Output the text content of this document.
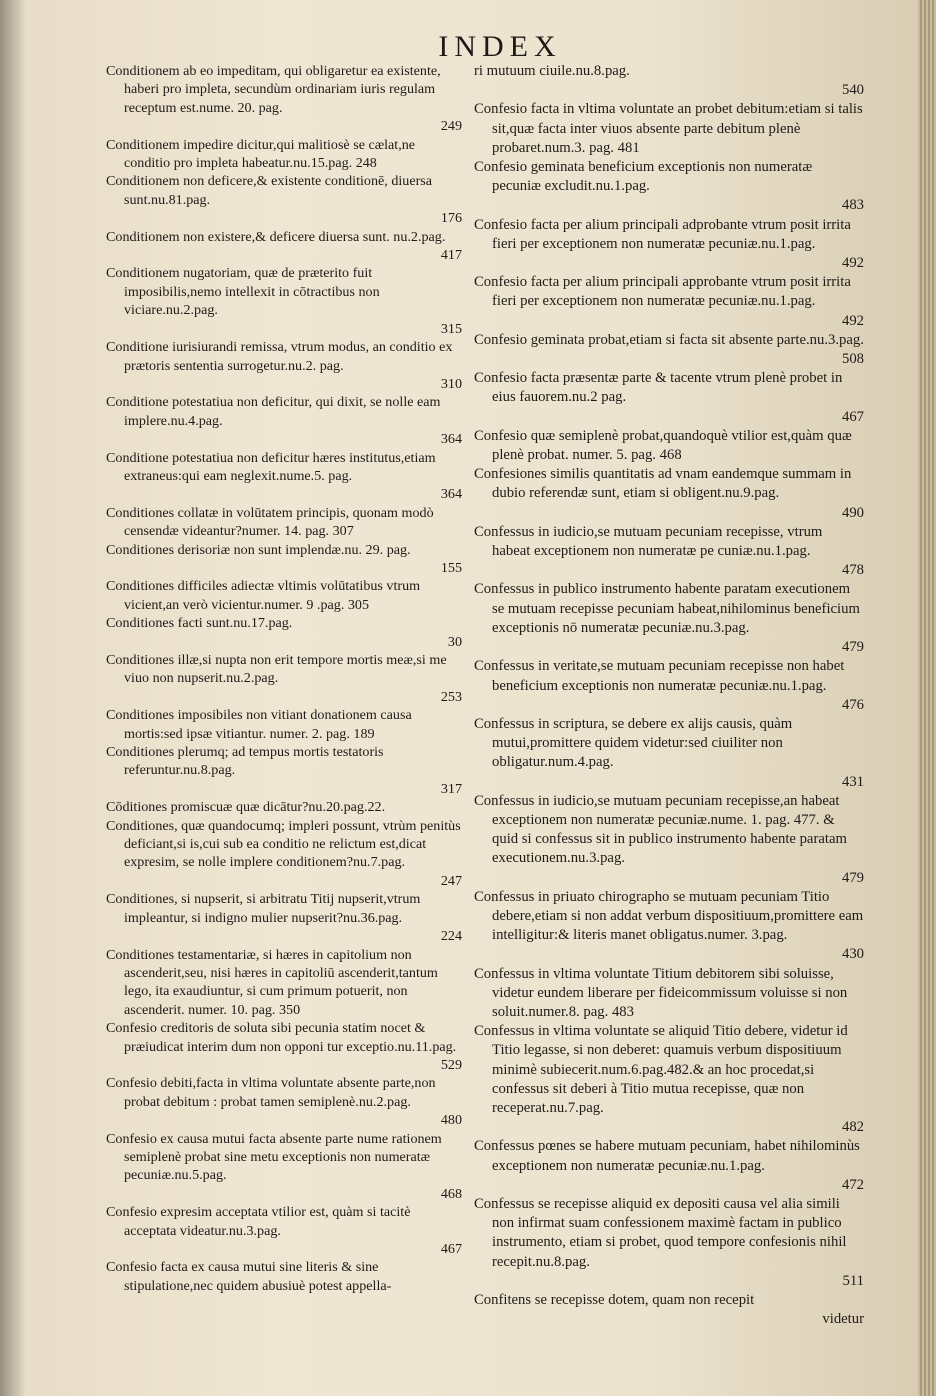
INDEX

Conditionem ab eo impeditam, qui obligaretur ea existente, haberi pro impleta, secundùm ordinariam iuris regulam receptum est.nume. 20. pag.
249

Conditionem impedire dicitur,qui malitiosè se cælat,ne conditio pro impleta habeatur.nu.15.pag. 248

Conditionem non deficere,& existente conditionē, diuersa sunt.nu.81.pag.
176

Conditionem non existere,& deficere diuersa sunt. nu.2.pag.
417

Conditionem nugatoriam, quæ de præterito fuit imposibilis,nemo intellexit in cōtractibus non viciare.nu.2.pag.
315

Conditione iurisiurandi remissa, vtrum modus, an conditio ex prætoris sententia surrogetur.nu.2. pag.
310

Conditione potestatiua non deficitur, qui dixit, se nolle eam implere.nu.4.pag.
364

Conditione potestatiua non deficitur hæres institutus,etiam extraneus:qui eam neglexit.nume.5. pag.
364

Conditiones collatæ in volūtatem principis, quonam modò censendæ videantur?numer. 14. pag. 307

Conditiones derisoriæ non sunt implendæ.nu. 29. pag.
155

Conditiones difficiles adiectæ vltimis volūtatibus vtrum vicient,an verò vicientur.numer. 9 .pag. 305

Conditiones facti sunt.nu.17.pag.
30

Conditiones illæ,si nupta non erit tempore mortis meæ,si me viuo non nupserit.nu.2.pag.
253

Conditiones imposibiles non vitiant donationem causa mortis:sed ipsæ vitiantur. numer. 2. pag. 189

Conditiones plerumq; ad tempus mortis testatoris referuntur.nu.8.pag.
317

Cōditiones promiscuæ quæ dicātur?nu.20.pag.22.

Conditiones, quæ quandocumq; impleri possunt, vtrùm penitùs deficiant,si is,cui sub ea conditio ne relictum est,dicat expresim, se nolle implere conditionem?nu.7.pag.
247

Conditiones, si nupserit, si arbitratu Titij nupserit,vtrum impleantur, si indigno mulier nupserit?nu.36.pag.
224

Conditiones testamentariæ, si hæres in capitolium non ascenderit,seu, nisi hæres in capitoliū ascenderit,tantum lego, ita exaudiuntur, si cum primum potuerit, non ascenderit. numer. 10. pag. 350

Confesio creditoris de soluta sibi pecunia statim nocet & præiudicat interim dum non opponi tur exceptio.nu.11.pag.
529

Confesio debiti,facta in vltima voluntate absente parte,non probat debitum : probat tamen semiplenè.nu.2.pag.
480

Confesio ex causa mutui facta absente parte nume rationem semiplenè probat sine metu exceptionis non numeratæ pecuniæ.nu.5.pag.
468

Confesio expresim acceptata vtilior est, quàm si tacitè acceptata videatur.nu.3.pag.
467

Confesio facta ex causa mutui sine literis & sine stipulatione,nec quidem abusiuè potest appella-

ri mutuum ciuile.nu.8.pag.
540

Confesio facta in vltima voluntate an probet debitum:etiam si talis sit,quæ facta inter viuos absente parte debitum plenè probaret.num.3. pag. 481

Confesio geminata beneficium exceptionis non numeratæ pecuniæ excludit.nu.1.pag.
483

Confesio facta per alium principali adprobante vtrum posit irrita fieri per exceptionem non numeratæ pecuniæ.nu.1.pag.
492

Confesio facta per alium principali approbante vtrum posit irrita fieri per exceptionem non numeratæ pecuniæ.nu.1.pag.
492

Confesio geminata probat,etiam si facta sit absente parte.nu.3.pag.
508

Confesio facta præsentæ parte & tacente vtrum plenè probet in eius fauorem.nu.2 pag.
467

Confesio quæ semiplenè probat,quandoquè vtilior est,quàm quæ plenè probat. numer. 5. pag. 468

Confesiones similis quantitatis ad vnam eandemque summam in dubio referendæ sunt, etiam si obligent.nu.9.pag.
490

Confessus in iudicio,se mutuam pecuniam recepisse, vtrum habeat exceptionem non numeratæ pe cuniæ.nu.1.pag.
478

Confessus in publico instrumento habente paratam executionem se mutuam recepisse pecuniam habeat,nihilominus beneficium exceptionis nō numeratæ pecuniæ.nu.3.pag.
479

Confessus in veritate,se mutuam pecuniam recepisse non habet beneficium exceptionis non numeratæ pecuniæ.nu.1.pag.
476

Confessus in scriptura, se debere ex alijs causis, quàm mutui,promittere quidem videtur:sed ciuiliter non obligatur.num.4.pag.
431

Confessus in iudicio,se mutuam pecuniam recepisse,an habeat exceptionem non numeratæ pecuniæ.nume. 1. pag. 477. & quid si confessus sit in publico instrumento habente paratam executionem.nu.3.pag.
479

Confessus in priuato chirographo se mutuam pecuniam Titio debere,etiam si non addat verbum dispositiuum,promittere eam intelligitur:& literis manet obligatus.numer. 3.pag.
430

Confessus in vltima voluntate Titium debitorem sibi soluisse, videtur eundem liberare per fideicommissum voluisse si non soluit.numer.8. pag. 483

Confessus in vltima voluntate se aliquid Titio debere, videtur id Titio legasse, si non deberet: quamuis verbum dispositiuum minimè subiecerit.num.6.pag.482.& an hoc procedat,si confessus sit deberi à Titio mutua recepisse, quæ non receperat.nu.7.pag.
482

Confessus pœnes se habere mutuam pecuniam, habet nihilominùs exceptionem non numeratæ pecuniæ.nu.1.pag.
472

Confessus se recepisse aliquid ex depositi causa vel alia simili non infirmat suam confessionem maximè factam in publico instrumento, etiam si probet, quod tempore confesionis nihil recepit.nu.8.pag.
511

Confitens se recepisse dotem, quam non recepit

videtur
